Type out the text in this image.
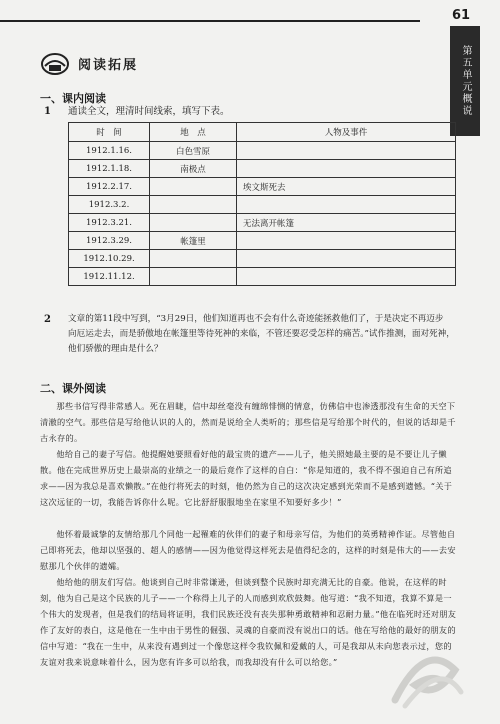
61
第五单元概说
阅读拓展
一、课内阅读
1 通读全文，理清时间线索，填写下表。
时　间	地　点	人物及事件
1912.1.16.	白色雪原	
1912.1.18.	南极点	
1912.2.17.		埃文斯死去
1912.3.2.		
1912.3.21.		无法离开帐篷
1912.3.29.	帐篷里	
1912.10.29.		
1912.11.12.		
2 文章的第11段中写到，“3月29日，他们知道再也不会有什么奇迹能拯救他们了，于是决定不再迈步
向厄运走去，而是骄傲地在帐篷里等待死神的来临，不管还要忍受怎样的痛苦。”试作推测，面对死神，
他们骄傲的理由是什么？
二、课外阅读
那些书信写得非常感人。死在眉睫，信中却丝毫没有缠绵悱恻的情意，仿佛信中也渗透那没有生命的天空下清澈的空气。那些信是写给他认识的人的，然而是说给全人类听的；那些信是写给那个时代的，但说的话却是千古永存的。
他给自己的妻子写信。他提醒她要照看好他的最宝贵的遗产——儿子，他关照她最主要的是不要让儿子懒散。他在完成世界历史上最崇高的业绩之一的最后竟作了这样的自白：“你是知道的，我不得不强迫自己有所追求——因为我总是喜欢懒散。”在他行将死去的时刻，他仍然为自己的这次决定感到光荣而不是感到遗憾。“关于这次远征的一切，我能告诉你什么呢。它比舒舒服服地坐在家里不知要好多少！”
他怀着最诚挚的友情给那几个同他一起罹难的伙伴们的妻子和母亲写信，为他们的英勇精神作证。尽管他自己即将死去，他却以坚强的、超人的感情——因为他觉得这样死去是值得纪念的，这样的时刻是伟大的——去安慰那几个伙伴的遗孀。
他给他的朋友们写信。他谈到自己时非常谦逊，但谈到整个民族时却充满无比的自豪。他说，在这样的时刻，他为自己是这个民族的儿子——一个称得上儿子的人而感到欢欣鼓舞。他写道：“我不知道，我算不算是一个伟大的发现者，但是我们的结局将证明，我们民族还没有丧失那种勇敢精神和忍耐力量。”他在临死时还对朋友作了友好的表白，这是他在一生中由于男性的倔强、灵魂的自豪而没有说出口的话。他在写给他的最好的朋友的信中写道：“我在一生中，从来没有遇到过一个像您这样令我钦佩和爱戴的人，可是我却从未向您表示过，您的友谊对我来说意味着什么，因为您有许多可以给我，而我却没有什么可以给您。”
